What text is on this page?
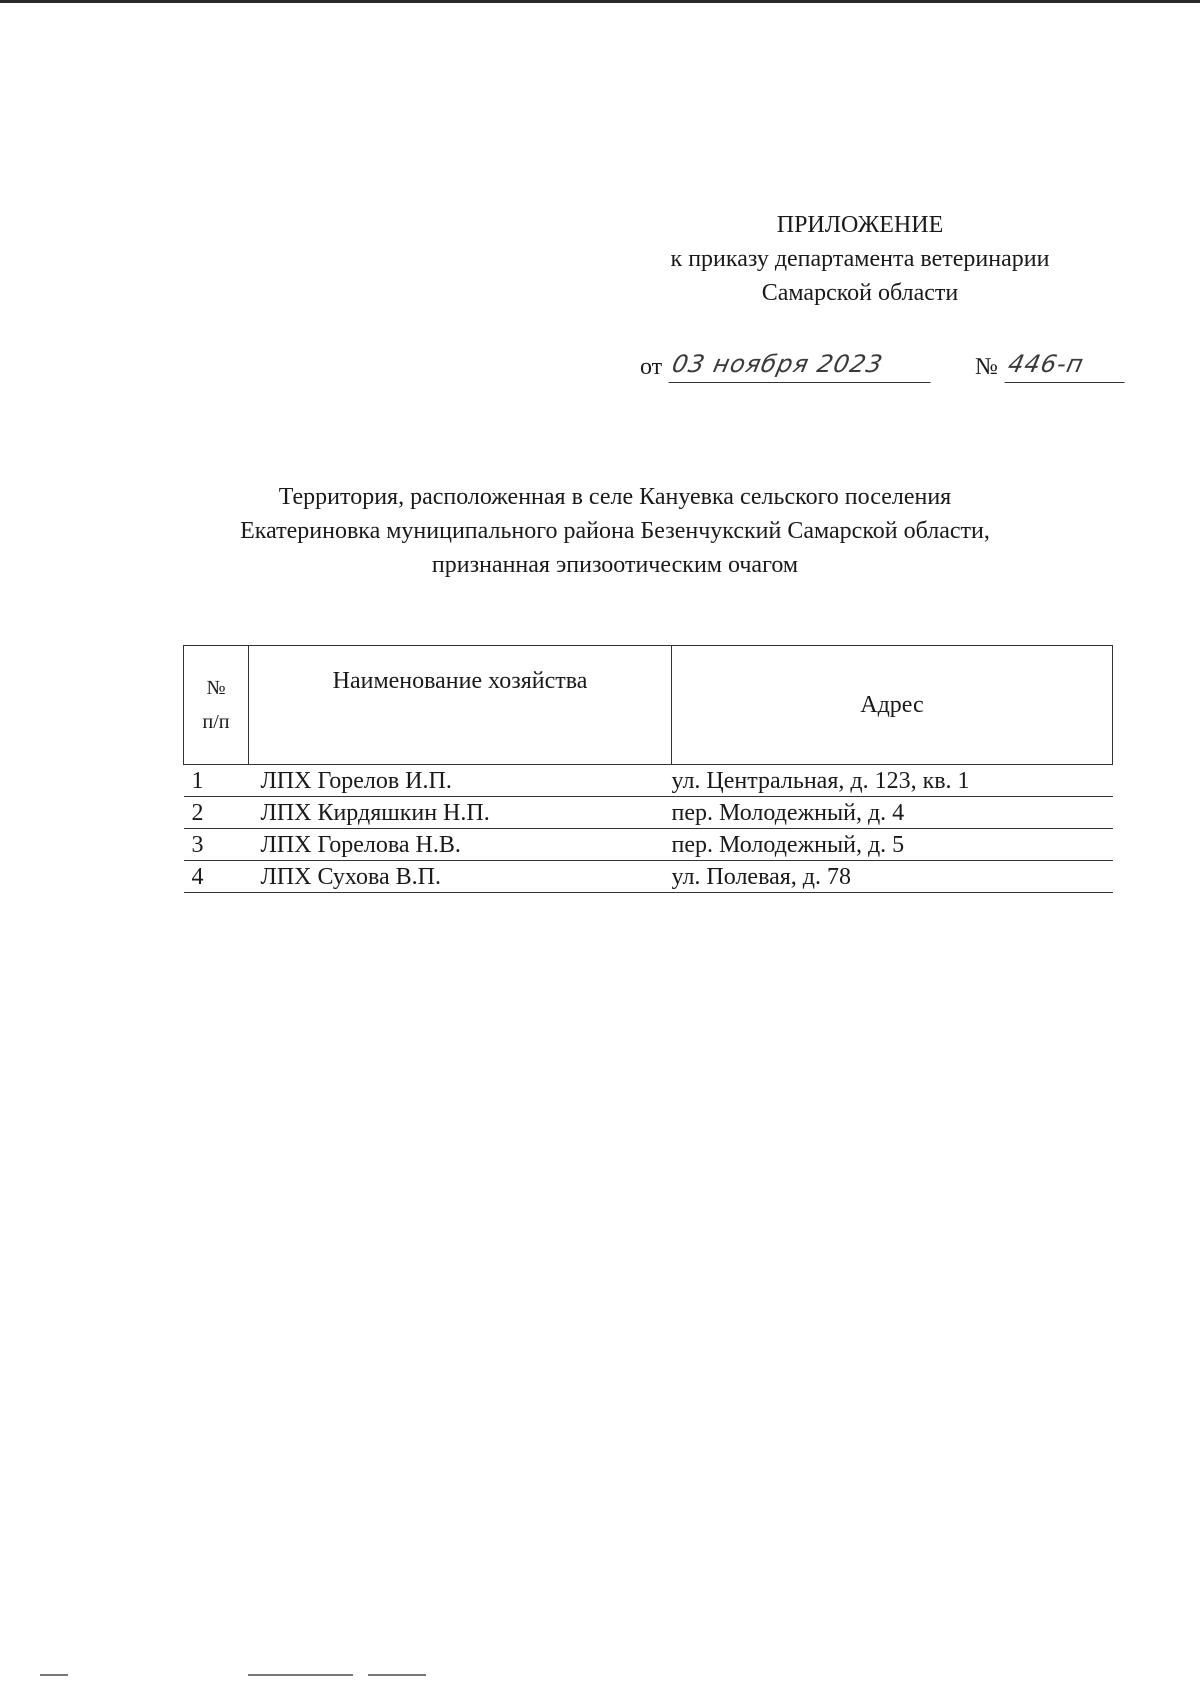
ПРИЛОЖЕНИЕ
к приказу департамента ветеринарии
Самарской области
от 03 ноября 2023	№ 446-п
Территория, расположенная в селе Кануевка сельского поселения
Екатериновка муниципального района Безенчукский Самарской области,
признанная эпизоотическим очагом
№
п/п	Наименование хозяйства	Адрес
1	ЛПХ Горелов И.П.	ул. Центральная, д. 123, кв. 1
2	ЛПХ Кирдяшкин Н.П.	пер. Молодежный, д. 4
3	ЛПХ Горелова Н.В.	пер. Молодежный, д. 5
4	ЛПХ Сухова В.П.	ул. Полевая, д. 78
